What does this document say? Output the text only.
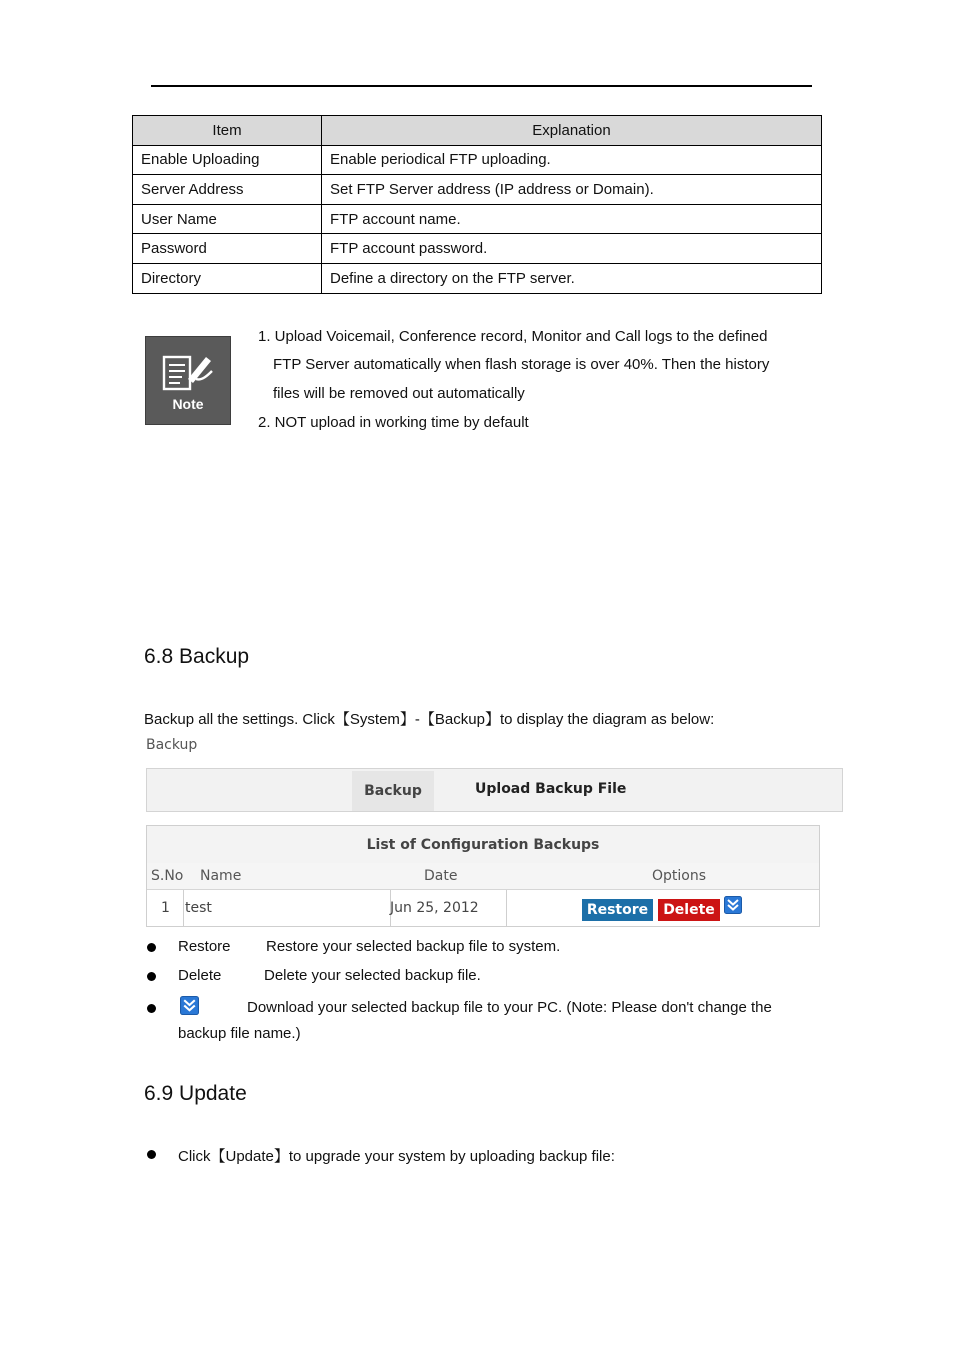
Item	Explanation
Enable Uploading	Enable periodical FTP uploading.
Server Address	Set FTP Server address (IP address or Domain).
User Name	FTP account name.
Password	FTP account password.
Directory	Define a directory on the FTP server.
Note
1. Upload Voicemail, Conference record, Monitor and Call logs to the defined
FTP Server automatically when flash storage is over 40%. Then the history
files will be removed out automatically
2. NOT upload in working time by default
6.8 Backup
Backup all the settings. Click【System】-【Backup】to display the diagram as below:
Backup
Backup	Upload Backup File
List of Configuration Backups
S.No Name	Date	Options
1 test	Jun 25, 2012	Restore	Delete
Restore Restore your selected backup file to system.
Delete	Delete your selected backup file.
Download your selected backup file to your PC. (Note: Please don't change the
backup file name.)
6.9 Update
Click【Update】to upgrade your system by uploading backup file:
